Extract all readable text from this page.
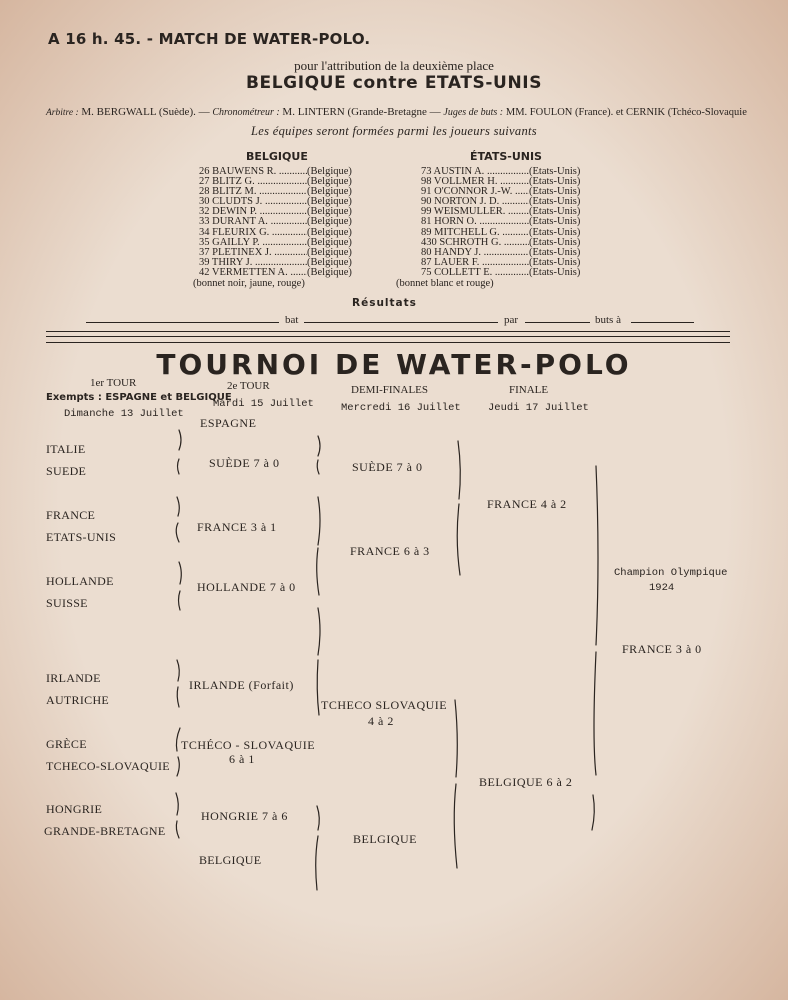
A 16 h. 45. - MATCH DE WATER-POLO.
pour l'attribution de la deuxième place
BELGIQUE contre ETATS-UNIS
Arbitre : M. BERGWALL (Suède). — Chronométreur : M. LINTERN (Grande-Bretagne — Juges de buts : MM. FOULON (France). et CERNIK (Tchéco-Slovaquie
Les équipes seront formées parmi les joueurs suivants
BELGIQUE
26 BAUWENS R. .....	(Belgique)
27 BLITZ G. .....	(Belgique)
28 BLITZ M. .....	(Belgique)
30 CLUDTS J. .....	(Belgique)
32 DEWIN P. .....	(Belgique)
33 DURANT A. .....	(Belgique)
34 FLEURIX G. .....	(Belgique)
35 GAILLY P. .....	(Belgique)
37 PLETINEX J. .....	(Belgique)
39 THIRY J. .....	(Belgique)
42 VERMETTEN A. .....	(Belgique)
(bonnet noir, jaune, rouge)
ÉTATS-UNIS
73 AUSTIN A. .....	(Etats-Unis)
98 VOLLMER H. .....	(Etats-Unis)
91 O'CONNOR J.-W. .....	(Etats-Unis)
90 NORTON J. D. .....	(Etats-Unis)
99 WEISMULLER. .....	(Etats-Unis)
81 HORN O. .....	(Etats-Unis)
89 MITCHELL G. .....	(Etats-Unis)
430 SCHROTH G. .....	(Etats-Unis)
80 HANDY J. .....	(Etats-Unis)
87 LAUER F. .....	(Etats-Unis)
75 COLLETT E. .....	(Etats-Unis)
(bonnet blanc et rouge)
Résultats
bat	par	buts à
TOURNOI DE WATER-POLO
1er TOUR
Exempts : ESPAGNE et BELGIQUE
Dimanche 13 Juillet
2e TOUR
Mardi 15 Juillet
DEMI-FINALES
Mercredi 16 Juillet
FINALE
Jeudi 17 Juillet
ITALIE
SUEDE
FRANCE
ETATS-UNIS
HOLLANDE
SUISSE
IRLANDE
AUTRICHE
GRÈCE
TCHECO-SLOVAQUIE
HONGRIE
GRANDE-BRETAGNE
BELGIQUE
ESPAGNE
SUÈDE 7 à 0
FRANCE 3 à 1
HOLLANDE 7 à 0
IRLANDE (Forfait)
TCHÉCO - SLOVAQUIE
6 à 1
HONGRIE 7 à 6
SUÈDE 7 à 0
FRANCE 6 à 3
TCHECO SLOVAQUIE
4 à 2
BELGIQUE
FRANCE 4 à 2
BELGIQUE 6 à 2
Champion Olympique
1924
FRANCE 3 à 0
